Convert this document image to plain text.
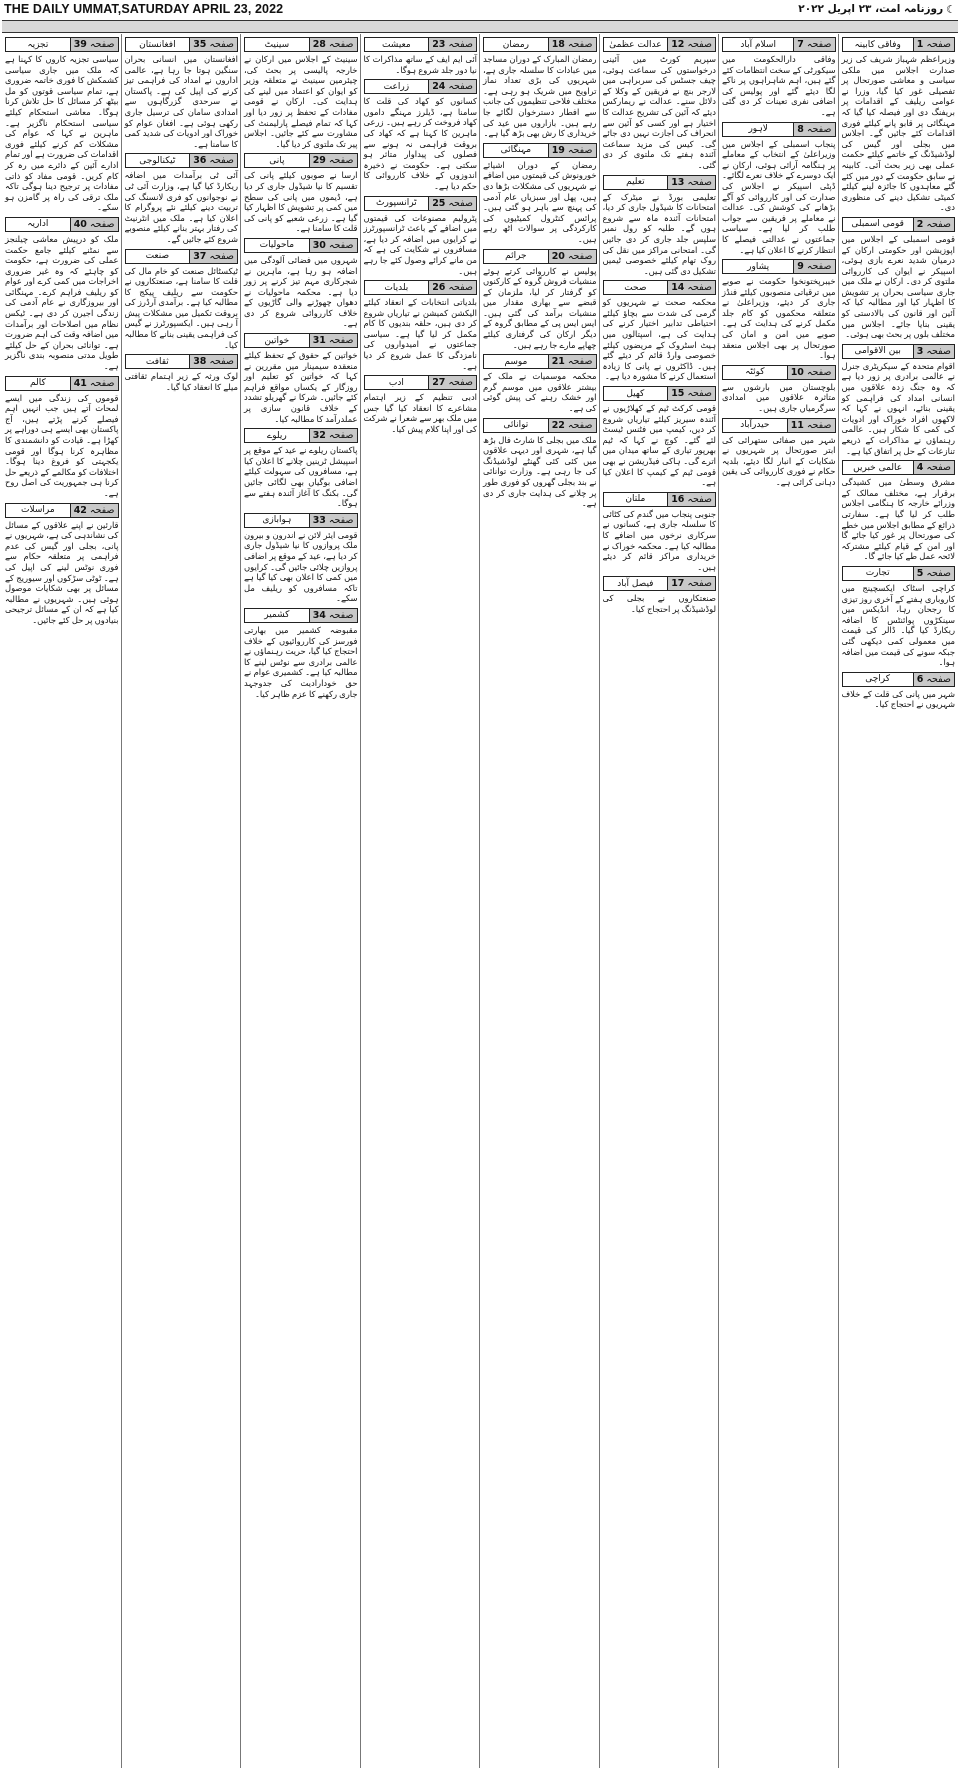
THE DAILY UMMAT,SATURDAY APRIL 23, 2022	☾
روزنامہ امت، ۲۳ اپریل ۲۰۲۲
صفحہ
1
وفاقی کابینہ
وزیراعظم شہباز شریف کی زیر صدارت اجلاس میں ملکی سیاسی و معاشی صورتحال پر تفصیلی غور کیا گیا، وزرا نے عوامی ریلیف کے اقدامات پر بریفنگ دی اور فیصلہ کیا گیا کہ مہنگائی پر قابو پانے کیلئے فوری اقدامات کئے جائیں گے۔ اجلاس میں بجلی اور گیس کی لوڈشیڈنگ کے خاتمے کیلئے حکمت عملی بھی زیر بحث آئی۔ کابینہ نے سابق حکومت کے دور میں کئے گئے معاہدوں کا جائزہ لینے کیلئے کمیٹی تشکیل دینے کی منظوری دی۔
صفحہ
2
قومی اسمبلی
قومی اسمبلی کے اجلاس میں اپوزیشن اور حکومتی ارکان کے درمیان شدید نعرے بازی ہوئی، اسپیکر نے ایوان کی کارروائی ملتوی کر دی۔ ارکان نے ملک میں جاری سیاسی بحران پر تشویش کا اظہار کیا اور مطالبہ کیا کہ آئین اور قانون کی بالادستی کو یقینی بنایا جائے۔ اجلاس میں مختلف بلوں پر بحث بھی ہوئی۔
صفحہ
3
بین الاقوامی
اقوام متحدہ کے سیکریٹری جنرل نے عالمی برادری پر زور دیا ہے کہ وہ جنگ زدہ علاقوں میں انسانی امداد کی فراہمی کو یقینی بنائے، انہوں نے کہا کہ لاکھوں افراد خوراک اور ادویات کی کمی کا شکار ہیں۔ عالمی رہنماؤں نے مذاکرات کے ذریعے تنازعات کے حل پر اتفاق کیا ہے۔
صفحہ
4
عالمی خبریں
مشرق وسطیٰ میں کشیدگی برقرار ہے، مختلف ممالک کے وزرائے خارجہ کا ہنگامی اجلاس طلب کر لیا گیا ہے۔ سفارتی ذرائع کے مطابق اجلاس میں خطے کی صورتحال پر غور کیا جائے گا اور امن کے قیام کیلئے مشترکہ لائحہ عمل طے کیا جائے گا۔
صفحہ
5
تجارت
کراچی اسٹاک ایکسچینج میں کاروباری ہفتے کے آخری روز تیزی کا رجحان رہا، انڈیکس میں سینکڑوں پوائنٹس کا اضافہ ریکارڈ کیا گیا۔ ڈالر کی قیمت میں معمولی کمی دیکھی گئی جبکہ سونے کی قیمت میں اضافہ ہوا۔
صفحہ
6
کراچی
شہر میں پانی کی قلت کے خلاف شہریوں نے احتجاج کیا۔
صفحہ
7
اسلام آباد
وفاقی دارالحکومت میں سیکورٹی کے سخت انتظامات کئے گئے ہیں، اہم شاہراہوں پر ناکے لگا دیئے گئے اور پولیس کی اضافی نفری تعینات کر دی گئی ہے۔
صفحہ
8
لاہور
پنجاب اسمبلی کے اجلاس میں وزیراعلیٰ کے انتخاب کے معاملے پر ہنگامہ آرائی ہوئی، ارکان نے ایک دوسرے کے خلاف نعرے لگائے۔ ڈپٹی اسپیکر نے اجلاس کی صدارت کی اور کارروائی کو آگے بڑھانے کی کوشش کی۔ عدالت نے معاملے پر فریقین سے جواب طلب کر لیا ہے۔ سیاسی جماعتوں نے عدالتی فیصلے کا انتظار کرنے کا اعلان کیا ہے۔
صفحہ
9
پشاور
خیبرپختونخوا حکومت نے صوبے میں ترقیاتی منصوبوں کیلئے فنڈز جاری کر دیئے، وزیراعلیٰ نے متعلقہ محکموں کو کام جلد مکمل کرنے کی ہدایت کی ہے۔ صوبے میں امن و امان کی صورتحال پر بھی اجلاس منعقد ہوا۔
صفحہ
10
کوئٹہ
بلوچستان میں بارشوں سے متاثرہ علاقوں میں امدادی سرگرمیاں جاری ہیں۔
صفحہ
11
حیدرآباد
شہر میں صفائی ستھرائی کی ابتر صورتحال پر شہریوں نے شکایات کے انبار لگا دیئے، بلدیہ حکام نے فوری کارروائی کی یقین دہانی کرائی ہے۔
صفحہ
12
عدالت عظمیٰ
سپریم کورٹ میں آئینی درخواستوں کی سماعت ہوئی، چیف جسٹس کی سربراہی میں لارجر بنچ نے فریقین کے وکلا کے دلائل سنے۔ عدالت نے ریمارکس دیئے کہ آئین کی تشریح عدالت کا اختیار ہے اور کسی کو آئین سے انحراف کی اجازت نہیں دی جائے گی۔ کیس کی مزید سماعت آئندہ ہفتے تک ملتوی کر دی گئی۔
صفحہ
13
تعلیم
تعلیمی بورڈ نے میٹرک کے امتحانات کا شیڈول جاری کر دیا، امتحانات آئندہ ماہ سے شروع ہوں گے۔ طلبہ کو رول نمبر سلپس جلد جاری کر دی جائیں گی۔ امتحانی مراکز میں نقل کی روک تھام کیلئے خصوصی ٹیمیں تشکیل دی گئی ہیں۔
صفحہ
14
صحت
محکمہ صحت نے شہریوں کو گرمی کی شدت سے بچاؤ کیلئے احتیاطی تدابیر اختیار کرنے کی ہدایت کی ہے، اسپتالوں میں ہیٹ اسٹروک کے مریضوں کیلئے خصوصی وارڈ قائم کر دیئے گئے ہیں۔ ڈاکٹروں نے پانی کا زیادہ استعمال کرنے کا مشورہ دیا ہے۔
صفحہ
15
کھیل
قومی کرکٹ ٹیم کے کھلاڑیوں نے آئندہ سیریز کیلئے تیاریاں شروع کر دیں، کیمپ میں فٹنس ٹیسٹ لئے گئے۔ کوچ نے کہا کہ ٹیم بھرپور تیاری کے ساتھ میدان میں اترے گی۔ ہاکی فیڈریشن نے بھی قومی ٹیم کے کیمپ کا اعلان کیا ہے۔
صفحہ
16
ملتان
جنوبی پنجاب میں گندم کی کٹائی کا سلسلہ جاری ہے، کسانوں نے سرکاری نرخوں میں اضافے کا مطالبہ کیا ہے۔ محکمہ خوراک نے خریداری مراکز قائم کر دیئے ہیں۔
صفحہ
17
فیصل آباد
صنعتکاروں نے بجلی کی لوڈشیڈنگ پر احتجاج کیا۔
صفحہ
18
رمضان
رمضان المبارک کے دوران مساجد میں عبادات کا سلسلہ جاری ہے، شہریوں کی بڑی تعداد نماز تراویح میں شریک ہو رہی ہے۔ مختلف فلاحی تنظیموں کی جانب سے افطار دسترخوان لگائے جا رہے ہیں۔ بازاروں میں عید کی خریداری کا رش بھی بڑھ گیا ہے۔
صفحہ
19
مہنگائی
رمضان کے دوران اشیائے خورونوش کی قیمتوں میں اضافے نے شہریوں کی مشکلات بڑھا دی ہیں، پھل اور سبزیاں عام آدمی کی پہنچ سے باہر ہو گئی ہیں۔ پرائس کنٹرول کمیٹیوں کی کارکردگی پر سوالات اٹھ رہے ہیں۔
صفحہ
20
جرائم
پولیس نے کارروائی کرتے ہوئے منشیات فروش گروہ کے کارکنوں کو گرفتار کر لیا، ملزمان کے قبضے سے بھاری مقدار میں منشیات برآمد کی گئی ہیں۔ ایس ایس پی کے مطابق گروہ کے دیگر ارکان کی گرفتاری کیلئے چھاپے مارے جا رہے ہیں۔
صفحہ
21
موسم
محکمہ موسمیات نے ملک کے بیشتر علاقوں میں موسم گرم اور خشک رہنے کی پیش گوئی کی ہے۔
صفحہ
22
توانائی
ملک میں بجلی کا شارٹ فال بڑھ گیا ہے، شہری اور دیہی علاقوں میں کئی کئی گھنٹے لوڈشیڈنگ کی جا رہی ہے۔ وزارت توانائی نے بند بجلی گھروں کو فوری طور پر چلانے کی ہدایت جاری کر دی ہے۔
صفحہ
23
معیشت
آئی ایم ایف کے ساتھ مذاکرات کا نیا دور جلد شروع ہوگا۔
صفحہ
24
زراعت
کسانوں کو کھاد کی قلت کا سامنا ہے، ڈیلرز مہنگے داموں کھاد فروخت کر رہے ہیں۔ زرعی ماہرین کا کہنا ہے کہ کھاد کی بروقت فراہمی نہ ہونے سے فصلوں کی پیداوار متاثر ہو سکتی ہے۔ حکومت نے ذخیرہ اندوزوں کے خلاف کارروائی کا حکم دیا ہے۔
صفحہ
25
ٹرانسپورٹ
پٹرولیم مصنوعات کی قیمتوں میں اضافے کے باعث ٹرانسپورٹرز نے کرایوں میں اضافہ کر دیا ہے، مسافروں نے شکایت کی ہے کہ من مانے کرائے وصول کئے جا رہے ہیں۔
صفحہ
26
بلدیات
بلدیاتی انتخابات کے انعقاد کیلئے الیکشن کمیشن نے تیاریاں شروع کر دی ہیں، حلقہ بندیوں کا کام مکمل کر لیا گیا ہے۔ سیاسی جماعتوں نے امیدواروں کی نامزدگی کا عمل شروع کر دیا ہے۔
صفحہ
27
ادب
ادبی تنظیم کے زیر اہتمام مشاعرے کا انعقاد کیا گیا جس میں ملک بھر سے شعرا نے شرکت کی اور اپنا کلام پیش کیا۔
صفحہ
28
سینیٹ
سینیٹ کے اجلاس میں ارکان نے خارجہ پالیسی پر بحث کی، چیئرمین سینیٹ نے متعلقہ وزیر کو ایوان کو اعتماد میں لینے کی ہدایت کی۔ ارکان نے قومی مفادات کے تحفظ پر زور دیا اور کہا کہ تمام فیصلے پارلیمنٹ کی مشاورت سے کئے جائیں۔ اجلاس پیر تک ملتوی کر دیا گیا۔
صفحہ
29
پانی
ارسا نے صوبوں کیلئے پانی کی تقسیم کا نیا شیڈول جاری کر دیا ہے، ڈیموں میں پانی کی سطح میں کمی پر تشویش کا اظہار کیا گیا ہے۔ زرعی شعبے کو پانی کی قلت کا سامنا ہے۔
صفحہ
30
ماحولیات
شہروں میں فضائی آلودگی میں اضافہ ہو رہا ہے، ماہرین نے شجرکاری مہم تیز کرنے پر زور دیا ہے۔ محکمہ ماحولیات نے دھواں چھوڑنے والی گاڑیوں کے خلاف کارروائی شروع کر دی ہے۔
صفحہ
31
خواتین
خواتین کے حقوق کے تحفظ کیلئے منعقدہ سیمینار میں مقررین نے کہا کہ خواتین کو تعلیم اور روزگار کے یکساں مواقع فراہم کئے جائیں۔ شرکا نے گھریلو تشدد کے خلاف قانون سازی پر عملدرآمد کا مطالبہ کیا۔
صفحہ
32
ریلوے
پاکستان ریلوے نے عید کے موقع پر اسپیشل ٹرینیں چلانے کا اعلان کیا ہے، مسافروں کی سہولت کیلئے اضافی بوگیاں بھی لگائی جائیں گی۔ بکنگ کا آغاز آئندہ ہفتے سے ہوگا۔
صفحہ
33
ہوابازی
قومی ایئر لائن نے اندرون و بیرون ملک پروازوں کا نیا شیڈول جاری کر دیا ہے، عید کے موقع پر اضافی پروازیں چلائی جائیں گی۔ کرایوں میں کمی کا اعلان بھی کیا گیا ہے تاکہ مسافروں کو ریلیف مل سکے۔
صفحہ
34
کشمیر
مقبوضہ کشمیر میں بھارتی فورسز کی کارروائیوں کے خلاف احتجاج کیا گیا، حریت رہنماؤں نے عالمی برادری سے نوٹس لینے کا مطالبہ کیا ہے۔ کشمیری عوام نے حق خودارادیت کی جدوجہد جاری رکھنے کا عزم ظاہر کیا۔
صفحہ
35
افغانستان
افغانستان میں انسانی بحران سنگین ہوتا جا رہا ہے، عالمی اداروں نے امداد کی فراہمی تیز کرنے کی اپیل کی ہے۔ پاکستان نے سرحدی گزرگاہوں سے امدادی سامان کی ترسیل جاری رکھی ہوئی ہے۔ افغان عوام کو خوراک اور ادویات کی شدید کمی کا سامنا ہے۔
صفحہ
36
ٹیکنالوجی
آئی ٹی برآمدات میں اضافہ ریکارڈ کیا گیا ہے، وزارت آئی ٹی نے نوجوانوں کو فری لانسنگ کی تربیت دینے کیلئے نئے پروگرام کا اعلان کیا ہے۔ ملک میں انٹرنیٹ کی رفتار بہتر بنانے کیلئے منصوبے شروع کئے جائیں گے۔
صفحہ
37
صنعت
ٹیکسٹائل صنعت کو خام مال کی قلت کا سامنا ہے، صنعتکاروں نے حکومت سے ریلیف پیکج کا مطالبہ کیا ہے۔ برآمدی آرڈرز کی بروقت تکمیل میں مشکلات پیش آ رہی ہیں۔ ایکسپورٹرز نے گیس کی فراہمی یقینی بنانے کا مطالبہ کیا۔
صفحہ
38
ثقافت
لوک ورثہ کے زیر اہتمام ثقافتی میلے کا انعقاد کیا گیا۔
صفحہ
39
تجزیہ
سیاسی تجزیہ کاروں کا کہنا ہے کہ ملک میں جاری سیاسی کشمکش کا فوری خاتمہ ضروری ہے، تمام سیاسی قوتوں کو مل بیٹھ کر مسائل کا حل تلاش کرنا ہوگا۔ معاشی استحکام کیلئے سیاسی استحکام ناگزیر ہے۔ ماہرین نے کہا کہ عوام کی مشکلات کم کرنے کیلئے فوری اقدامات کی ضرورت ہے اور تمام ادارے آئین کے دائرے میں رہ کر کام کریں۔ قومی مفاد کو ذاتی مفادات پر ترجیح دینا ہوگی تاکہ ملک ترقی کی راہ پر گامزن ہو سکے۔
صفحہ
40
اداریہ
ملک کو درپیش معاشی چیلنجز سے نمٹنے کیلئے جامع حکمت عملی کی ضرورت ہے، حکومت کو چاہئے کہ وہ غیر ضروری اخراجات میں کمی کرے اور عوام کو ریلیف فراہم کرے۔ مہنگائی اور بیروزگاری نے عام آدمی کی زندگی اجیرن کر دی ہے۔ ٹیکس نظام میں اصلاحات اور برآمدات میں اضافہ وقت کی اہم ضرورت ہے۔ توانائی بحران کے حل کیلئے طویل مدتی منصوبہ بندی ناگزیر ہے۔
صفحہ
41
کالم
قوموں کی زندگی میں ایسے لمحات آتے ہیں جب انہیں اہم فیصلے کرنے پڑتے ہیں، آج پاکستان بھی ایسے ہی دوراہے پر کھڑا ہے۔ قیادت کو دانشمندی کا مظاہرہ کرنا ہوگا اور قومی یکجہتی کو فروغ دینا ہوگا۔ اختلافات کو مکالمے کے ذریعے حل کرنا ہی جمہوریت کی اصل روح ہے۔
صفحہ
42
مراسلات
قارئین نے اپنے علاقوں کے مسائل کی نشاندہی کی ہے، شہریوں نے پانی، بجلی اور گیس کی عدم فراہمی پر متعلقہ حکام سے فوری نوٹس لینے کی اپیل کی ہے۔ ٹوٹی سڑکوں اور سیوریج کے مسائل پر بھی شکایات موصول ہوئی ہیں۔ شہریوں نے مطالبہ کیا ہے کہ ان کے مسائل ترجیحی بنیادوں پر حل کئے جائیں۔
